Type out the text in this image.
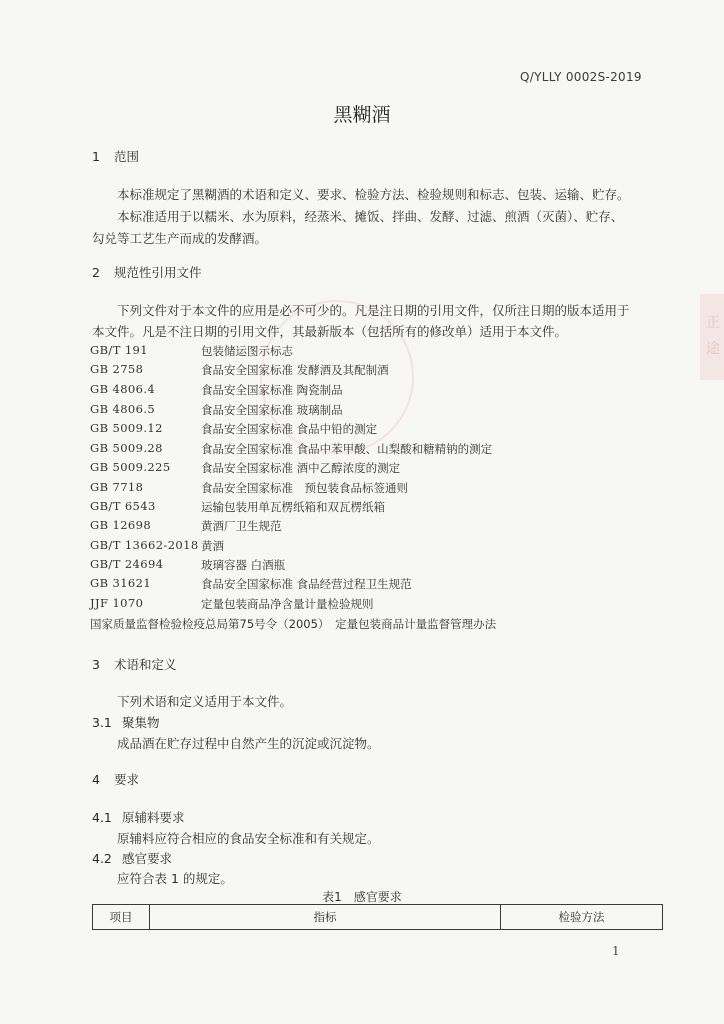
正
途
Q/YLLY 0002S-2019
黑糊酒
1 范围
本标准规定了黑糊酒的术语和定义、要求、检验方法、检验规则和标志、包装、运输、贮存。
本标准适用于以糯米、水为原料，经蒸米、摊饭、拌曲、发酵、过滤、煎酒（灭菌）、贮存、
勾兑等工艺生产而成的发酵酒。
2 规范性引用文件
下列文件对于本文件的应用是必不可少的。凡是注日期的引用文件，仅所注日期的版本适用于
本文件。凡是不注日期的引用文件，其最新版本（包括所有的修改单）适用于本文件。
GB/T 191	包装储运图示标志
GB 2758	食品安全国家标准 发酵酒及其配制酒
GB 4806.4	食品安全国家标准 陶瓷制品
GB 4806.5	食品安全国家标准 玻璃制品
GB 5009.12	食品安全国家标准 食品中铅的测定
GB 5009.28	食品安全国家标准 食品中苯甲酸、山梨酸和糖精钠的测定
GB 5009.225	食品安全国家标准 酒中乙醇浓度的测定
GB 7718	食品安全国家标准　预包装食品标签通则
GB/T 6543	运输包装用单瓦楞纸箱和双瓦楞纸箱
GB 12698	黄酒厂卫生规范
GB/T 13662-2018 黄酒
GB/T 24694	玻璃容器 白酒瓶
GB 31621	食品安全国家标准 食品经营过程卫生规范
JJF 1070	定量包装商品净含量计量检验规则
国家质量监督检验检疫总局第75号令（2005）　定量包装商品计量监督管理办法
3 术语和定义
下列术语和定义适用于本文件。
3.1 聚集物
成品酒在贮存过程中自然产生的沉淀或沉淀物。
4 要求
4.1 原辅料要求
原辅料应符合相应的食品安全标准和有关规定。
4.2 感官要求
应符合表 1 的规定。
表1　感官要求
项目	指标	检验方法
1
